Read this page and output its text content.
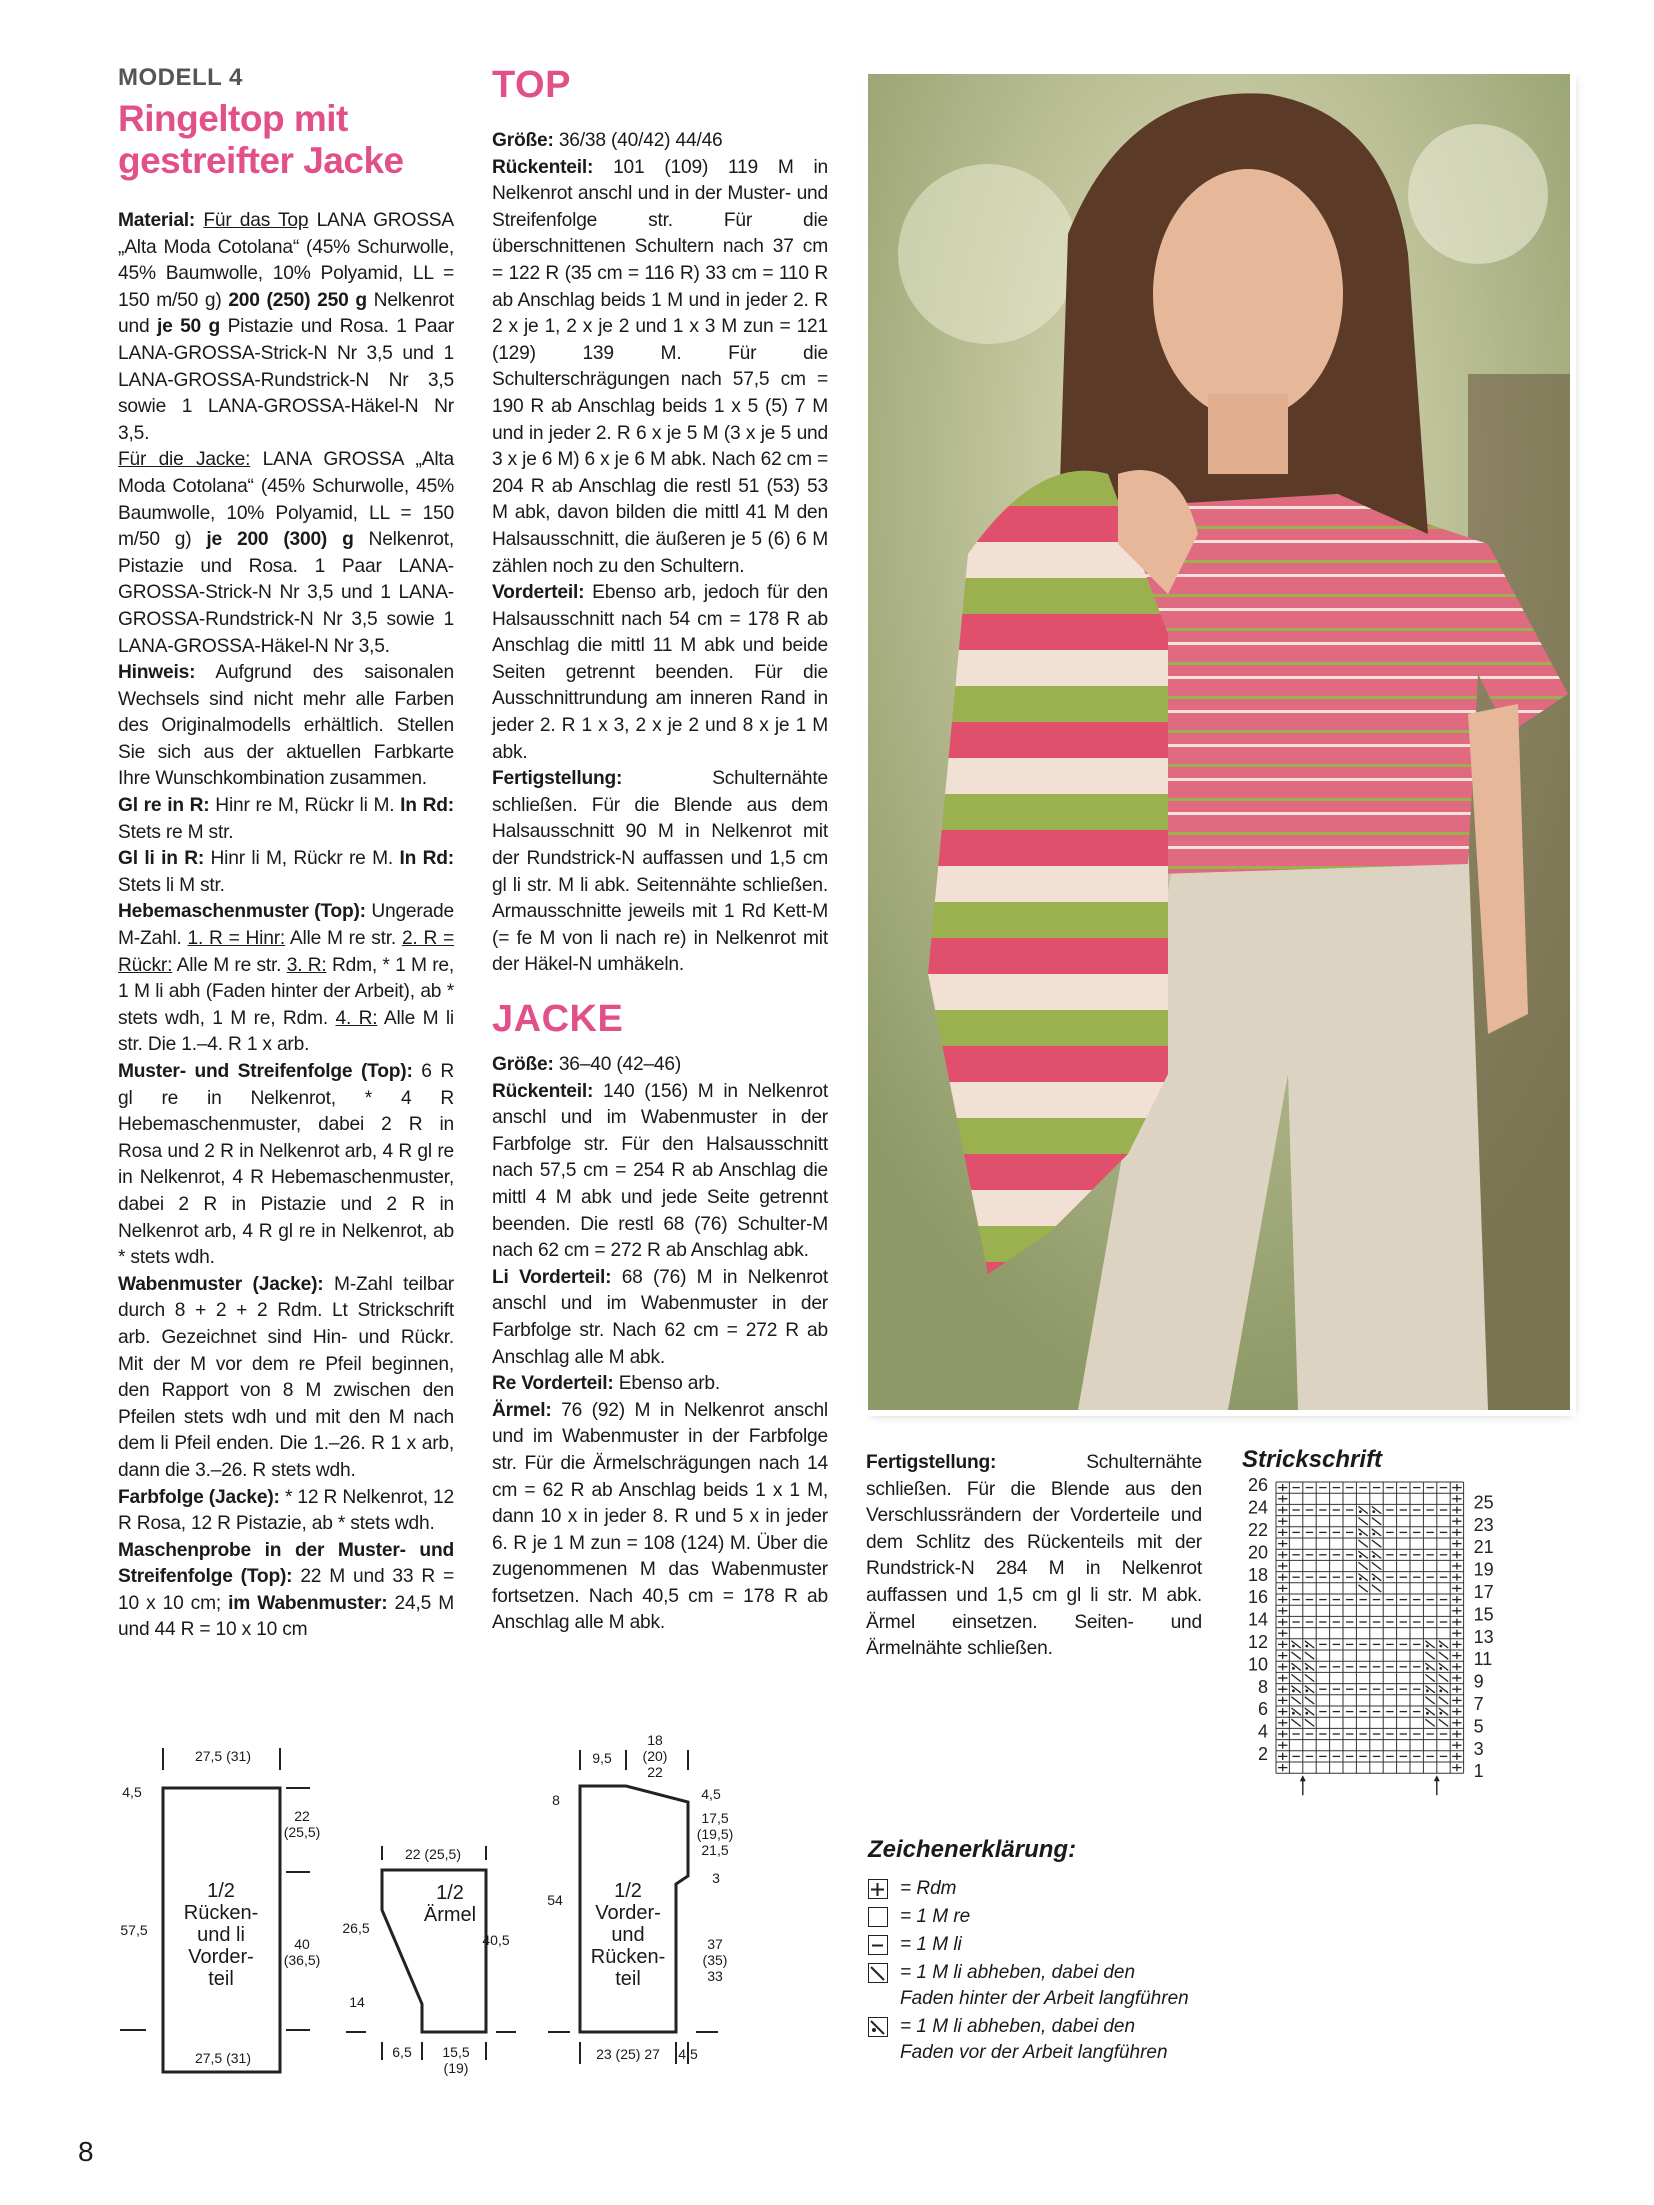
MODELL 4
Ringeltop mit
gestreifter Jacke

Material: Für das Top LANA GROSSA „Alta Moda Cotolana“ (45% Schurwolle, 45% Baumwolle, 10% Polyamid, LL = 150 m/50 g) 200 (250) 250 g Nelkenrot und je 50 g Pistazie und Rosa. 1 Paar LANA-GROSSA-Strick-N Nr 3,5 und 1 LANA-GROSSA-Rundstrick-N Nr 3,5 sowie 1 LANA-GROSSA-Häkel-N Nr 3,5.

Für die Jacke: LANA GROSSA „Alta Moda Cotolana“ (45% Schurwolle, 45% Baumwolle, 10% Polyamid, LL = 150 m/50 g) je 200 (300) g Nelkenrot, Pistazie und Rosa. 1 Paar LANA-GROSSA-Strick-N Nr 3,5 und 1 LANA-GROSSA-Rundstrick-N Nr 3,5 sowie 1 LANA-GROSSA-Häkel-N Nr 3,5.

Hinweis: Aufgrund des saisonalen Wechsels sind nicht mehr alle Farben des Originalmodells erhältlich. Stellen Sie sich aus der aktuellen Farbkarte Ihre Wunschkombination zusammen.

Gl re in R: Hinr re M, Rückr li M. In Rd: Stets re M str.

Gl li in R: Hinr li M, Rückr re M. In Rd: Stets li M str.

Hebemaschenmuster (Top): Ungerade M-Zahl. 1. R = Hinr: Alle M re str. 2. R = Rückr: Alle M re str. 3. R: Rdm, * 1 M re, 1 M li abh (Faden hinter der Arbeit), ab * stets wdh, 1 M re, Rdm. 4. R: Alle M li str. Die 1.–4. R 1 x arb.

Muster- und Streifenfolge (Top): 6 R gl re in Nelkenrot, * 4 R Hebemaschenmuster, dabei 2 R in Rosa und 2 R in Nelkenrot arb, 4 R gl re in Nelkenrot, 4 R Hebemaschenmuster, dabei 2 R in Pistazie und 2 R in Nelkenrot arb, 4 R gl re in Nelkenrot, ab * stets wdh.

Wabenmuster (Jacke): M-Zahl teilbar durch 8 + 2 + 2 Rdm. Lt Strickschrift arb. Gezeichnet sind Hin- und Rückr. Mit der M vor dem re Pfeil beginnen, den Rapport von 8 M zwischen den Pfeilen stets wdh und mit den M nach dem li Pfeil enden. Die 1.–26. R 1 x arb, dann die 3.–26. R stets wdh.

Farbfolge (Jacke): * 12 R Nelkenrot, 12 R Rosa, 12 R Pistazie, ab * stets wdh.

Maschenprobe in der Muster- und Streifenfolge (Top): 22 M und 33 R = 10 x 10 cm; im Wabenmuster: 24,5 M und 44 R = 10 x 10 cm

TOP

Größe: 36/38 (40/42) 44/46

Rückenteil: 101 (109) 119 M in Nelkenrot anschl und in der Muster- und Streifenfolge str. Für die überschnittenen Schultern nach 37 cm = 122 R (35 cm = 116 R) 33 cm = 110 R ab Anschlag beids 1 M und in jeder 2. R 2 x je 1, 2 x je 2 und 1 x 3 M zun = 121 (129) 139 M. Für die Schulterschrägungen nach 57,5 cm = 190 R ab Anschlag beids 1 x 5 (5) 7 M und in jeder 2. R 6 x je 5 M (3 x je 5 und 3 x je 6 M) 6 x je 6 M abk. Nach 62 cm = 204 R ab Anschlag die restl 51 (53) 53 M abk, davon bilden die mittl 41 M den Halsausschnitt, die äußeren je 5 (6) 6 M zählen noch zu den Schultern.

Vorderteil: Ebenso arb, jedoch für den Halsausschnitt nach 54 cm = 178 R ab Anschlag die mittl 11 M abk und beide Seiten getrennt beenden. Für die Ausschnittrundung am inneren Rand in jeder 2. R 1 x 3, 2 x je 2 und 8 x je 1 M abk.

Fertigstellung: Schulternähte schließen. Für die Blende aus dem Halsausschnitt 90 M in Nelkenrot mit der Rundstrick-N auffassen und 1,5 cm gl li str. M li abk. Seitennähte schließen. Armausschnitte jeweils mit 1 Rd Kett-M (= fe M von li nach re) in Nelkenrot mit der Häkel-N umhäkeln.

JACKE

Größe: 36–40 (42–46)

Rückenteil: 140 (156) M in Nelkenrot anschl und im Wabenmuster in der Farbfolge str. Für den Halsausschnitt nach 57,5 cm = 254 R ab Anschlag die mittl 4 M abk und jede Seite getrennt beenden. Die restl 68 (76) Schulter-M nach 62 cm = 272 R ab Anschlag abk.

Li Vorderteil: 68 (76) M in Nelkenrot anschl und im Wabenmuster in der Farbfolge str. Nach 62 cm = 272 R ab Anschlag alle M abk.

Re Vorderteil: Ebenso arb.

Ärmel: 76 (92) M in Nelkenrot anschl und im Wabenmuster in der Farbfolge str. Für die Ärmelschrägungen nach 14 cm = 62 R ab Anschlag beids 1 x 1 M, dann 10 x in jeder 8. R und 5 x in jeder 6. R je 1 M zun = 108 (124) M. Über die zugenommenen M das Wabenmuster fortsetzen. Nach 40,5 cm = 178 R ab Anschlag alle M abk.

Fertigstellung: Schulternähte schließen. Für die Blende aus den Verschlussrändern der Vorderteile und dem Schlitz des Rückenteils mit der Rundstrick-N 284 M in Nelkenrot auffassen und 1,5 cm gl li str. M abk. Ärmel einsetzen. Seiten- und Ärmelnähte schließen.

Strickschrift
26
24
22
20
18
16
14
12
10
8
6
4
2
25
23
21
19
17
15
13
11
9
7
5
3
1
Zeichenerklärung:
= Rdm
= 1 M re
= 1 M li
= 1 M li abheben, dabei den
Faden hinter der Arbeit langführen
= 1 M li abheben, dabei den
Faden vor der Arbeit langführen
27,5 (31)
4,5
57,5
22
(25,5)
40
(36,5)
1/2
Rücken-
und li
Vorder-
teil
27,5 (31)
22 (25,5)
26,5
14
40,5
1/2
Ärmel
6,5	15,5
(19)
9,5
18
(20)
22
8
54
4,5
17,5
(19,5)
21,5
3
37
(35)
33
1/2
Vorder-
und
Rücken-
teil
23 (25) 27	4,5
8
